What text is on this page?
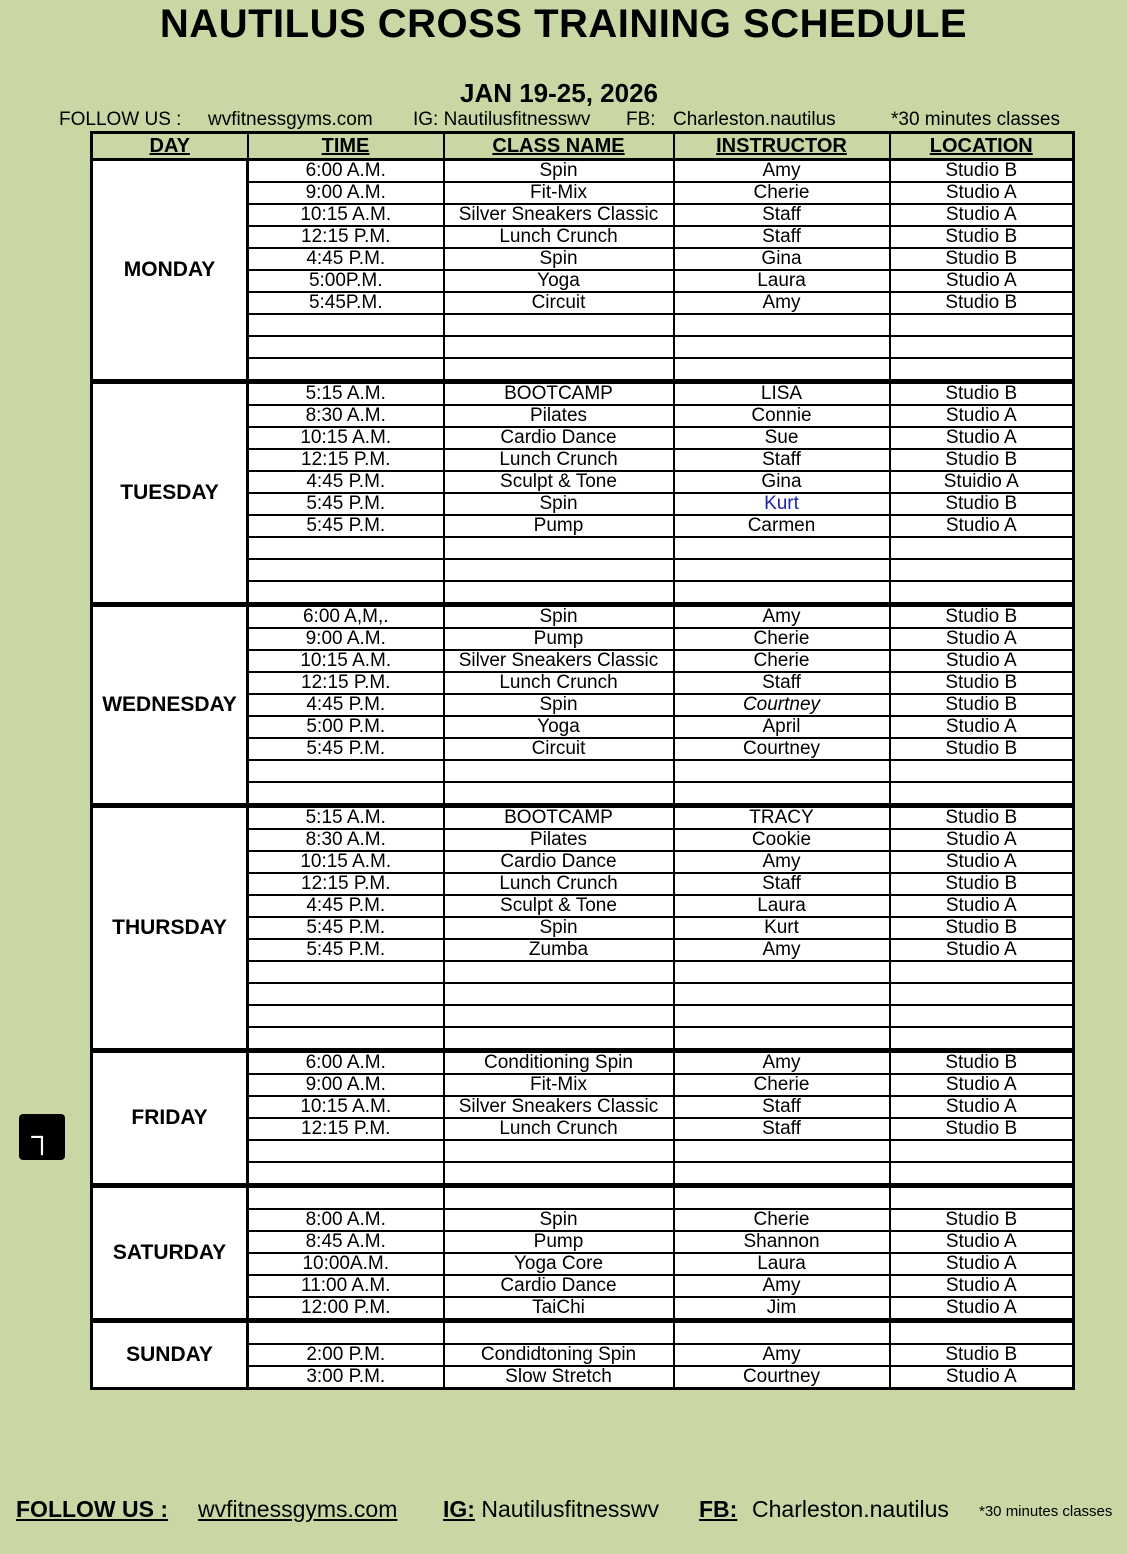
NAUTILUS CROSS TRAINING SCHEDULE
JAN 19-25, 2026
FOLLOW US : wvfitnessgyms.com IG: Nautilusfitnesswv FB: Charleston.nautilus	*30 minutes classes
DAY	TIME	CLASS NAME	INSTRUCTOR	LOCATION
MONDAY	6:00 A.M.	Spin	Amy	Studio B
	9:00 A.M.	Fit-Mix	Cherie	Studio A
	10:15 A.M.	Silver Sneakers Classic	Staff	Studio A
	12:15 P.M.	Lunch Crunch	Staff	Studio B
	4:45 P.M.	Spin	Gina	Studio B
	5:00P.M.	Yoga	Laura	Studio A
	5:45P.M.	Circuit	Amy	Studio B

TUESDAY	5:15 A.M.	BOOTCAMP	LISA	Studio B
	8:30 A.M.	Pilates	Connie	Studio A
	10:15 A.M.	Cardio Dance	Sue	Studio A
	12:15 P.M.	Lunch Crunch	Staff	Studio B
	4:45 P.M.	Sculpt & Tone	Gina	Stuidio A
	5:45 P.M.	Spin	Kurt	Studio B
	5:45 P.M.	Pump	Carmen	Studio A

WEDNESDAY	6:00 A,M,.	Spin	Amy	Studio B
	9:00 A.M.	Pump	Cherie	Studio A
	10:15 A.M.	Silver Sneakers Classic	Cherie	Studio A
	12:15 P.M.	Lunch Crunch	Staff	Studio B
	4:45 P.M.	Spin	Courtney	Studio B
	5:00 P.M.	Yoga	April	Studio A
	5:45 P.M.	Circuit	Courtney	Studio B

THURSDAY	5:15 A.M.	BOOTCAMP	TRACY	Studio B
	8:30 A.M.	Pilates	Cookie	Studio A
	10:15 A.M.	Cardio Dance	Amy	Studio A
	12:15 P.M.	Lunch Crunch	Staff	Studio B
	4:45 P.M.	Sculpt & Tone	Laura	Studio A
	5:45 P.M.	Spin	Kurt	Studio B
	5:45 P.M.	Zumba	Amy	Studio A

FRIDAY	6:00 A.M.	Conditioning Spin	Amy	Studio B
	9:00 A.M.	Fit-Mix	Cherie	Studio A
	10:15 A.M.	Silver Sneakers Classic	Staff	Studio A
	12:15 P.M.	Lunch Crunch	Staff	Studio B

SATURDAY				
	8:00 A.M.	Spin	Cherie	Studio B
	8:45 A.M.	Pump	Shannon	Studio A
	10:00A.M.	Yoga Core	Laura	Studio A
	11:00 A.M.	Cardio Dance	Amy	Studio A
	12:00 P.M.	TaiChi	Jim	Studio A
SUNDAY				
	2:00 P.M.	Condidtoning Spin	Amy	Studio B
	3:00 P.M.	Slow Stretch	Courtney	Studio A
┐
FOLLOW US : wvfitnessgyms.com IG: Nautilusfitnesswv FB: Charleston.nautilus *30 minutes classes
